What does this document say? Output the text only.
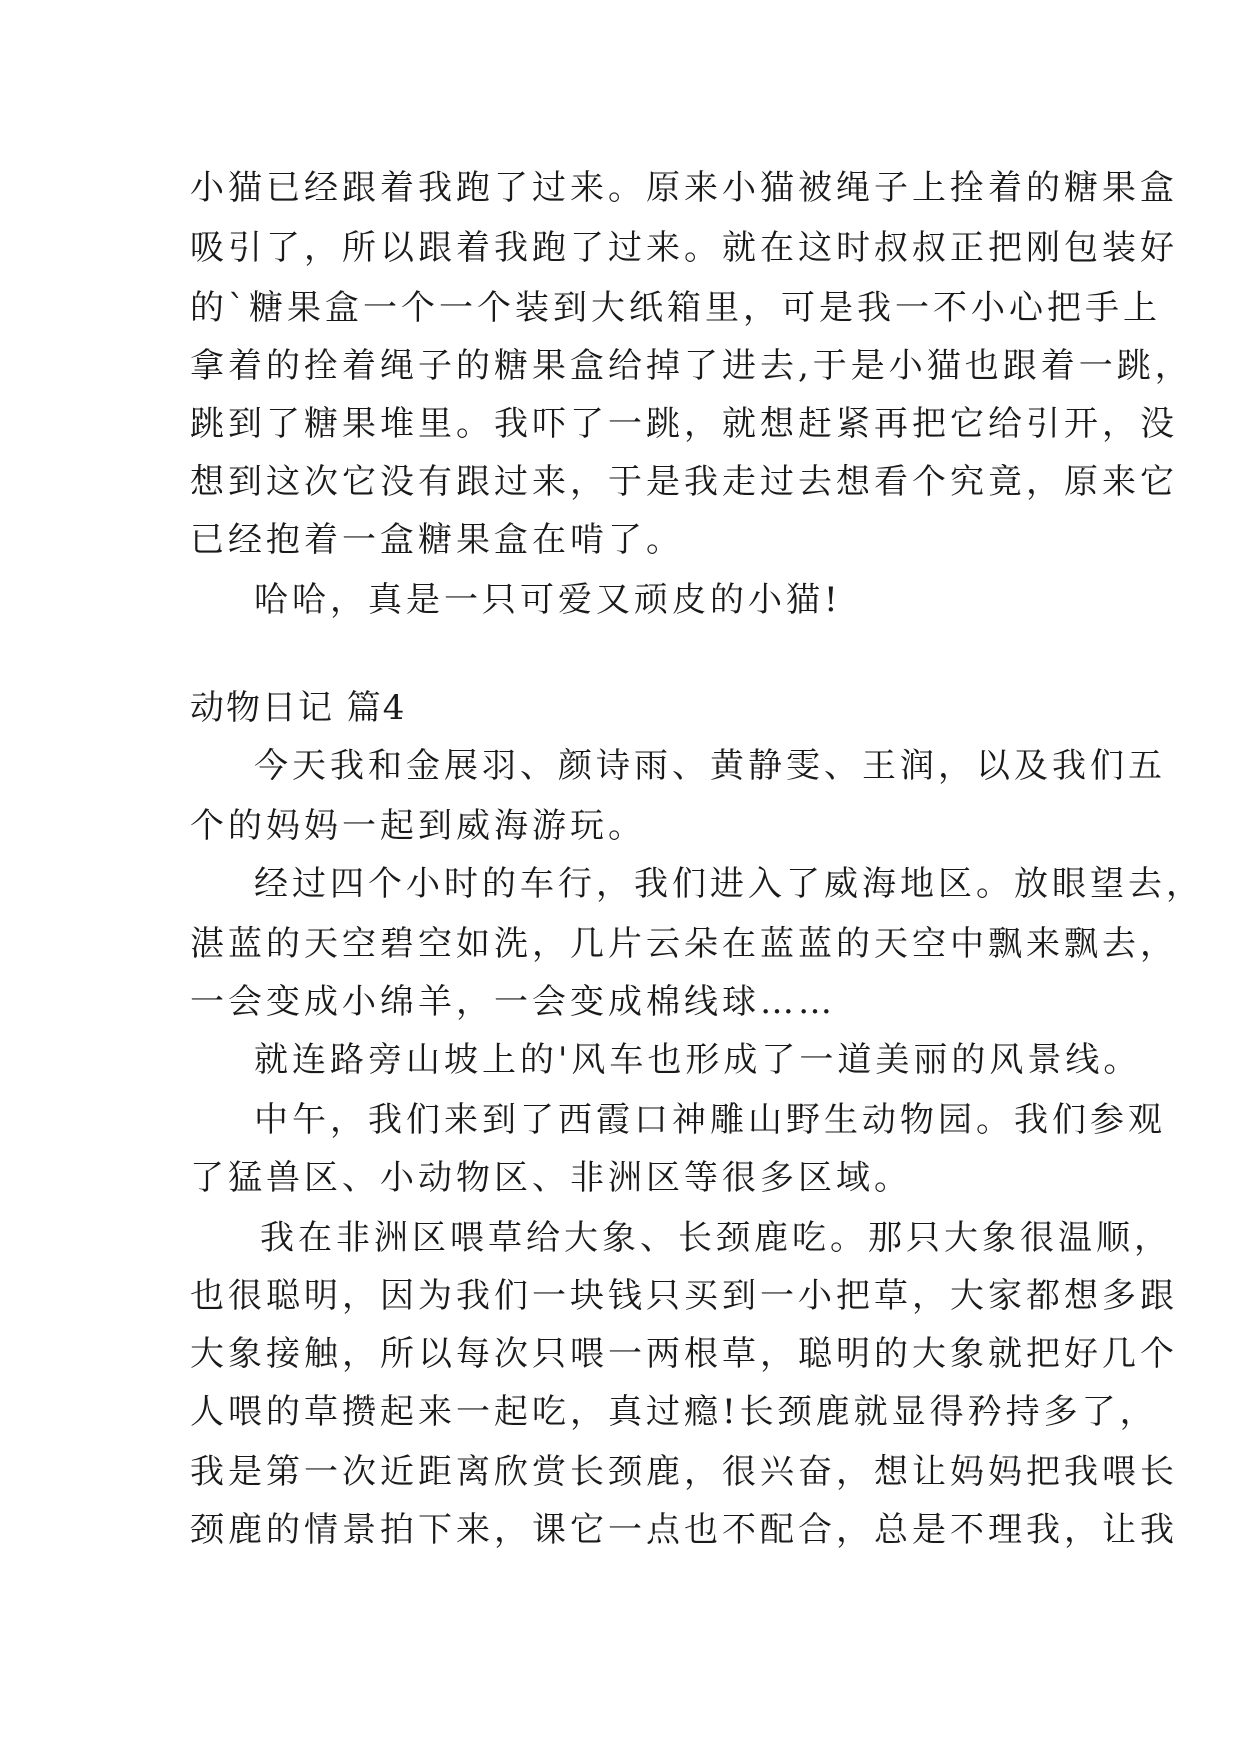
小猫已经跟着我跑了过来。原来小猫被绳子上拴着的糖果盒
吸引了，所以跟着我跑了过来。就在这时叔叔正把刚包装好
的`糖果盒一个一个装到大纸箱里，可是我一不小心把手上
拿着的拴着绳子的糖果盒给掉了进去,于是小猫也跟着一跳，
跳到了糖果堆里。我吓了一跳，就想赶紧再把它给引开，没
想到这次它没有跟过来，于是我走过去想看个究竟，原来它
已经抱着一盒糖果盒在啃了。
哈哈，真是一只可爱又顽皮的小猫!
动物日记 篇4
今天我和金展羽、颜诗雨、黄静雯、王润，以及我们五
个的妈妈一起到威海游玩。
经过四个小时的车行，我们进入了威海地区。放眼望去，
湛蓝的天空碧空如洗，几片云朵在蓝蓝的天空中飘来飘去，
一会变成小绵羊，一会变成棉线球……
就连路旁山坡上的'风车也形成了一道美丽的风景线。
中午，我们来到了西霞口神雕山野生动物园。我们参观
了猛兽区、小动物区、非洲区等很多区域。
我在非洲区喂草给大象、长颈鹿吃。那只大象很温顺，
也很聪明，因为我们一块钱只买到一小把草，大家都想多跟
大象接触，所以每次只喂一两根草，聪明的大象就把好几个
人喂的草攒起来一起吃，真过瘾!长颈鹿就显得矜持多了，
我是第一次近距离欣赏长颈鹿，很兴奋，想让妈妈把我喂长
颈鹿的情景拍下来，课它一点也不配合，总是不理我，让我
